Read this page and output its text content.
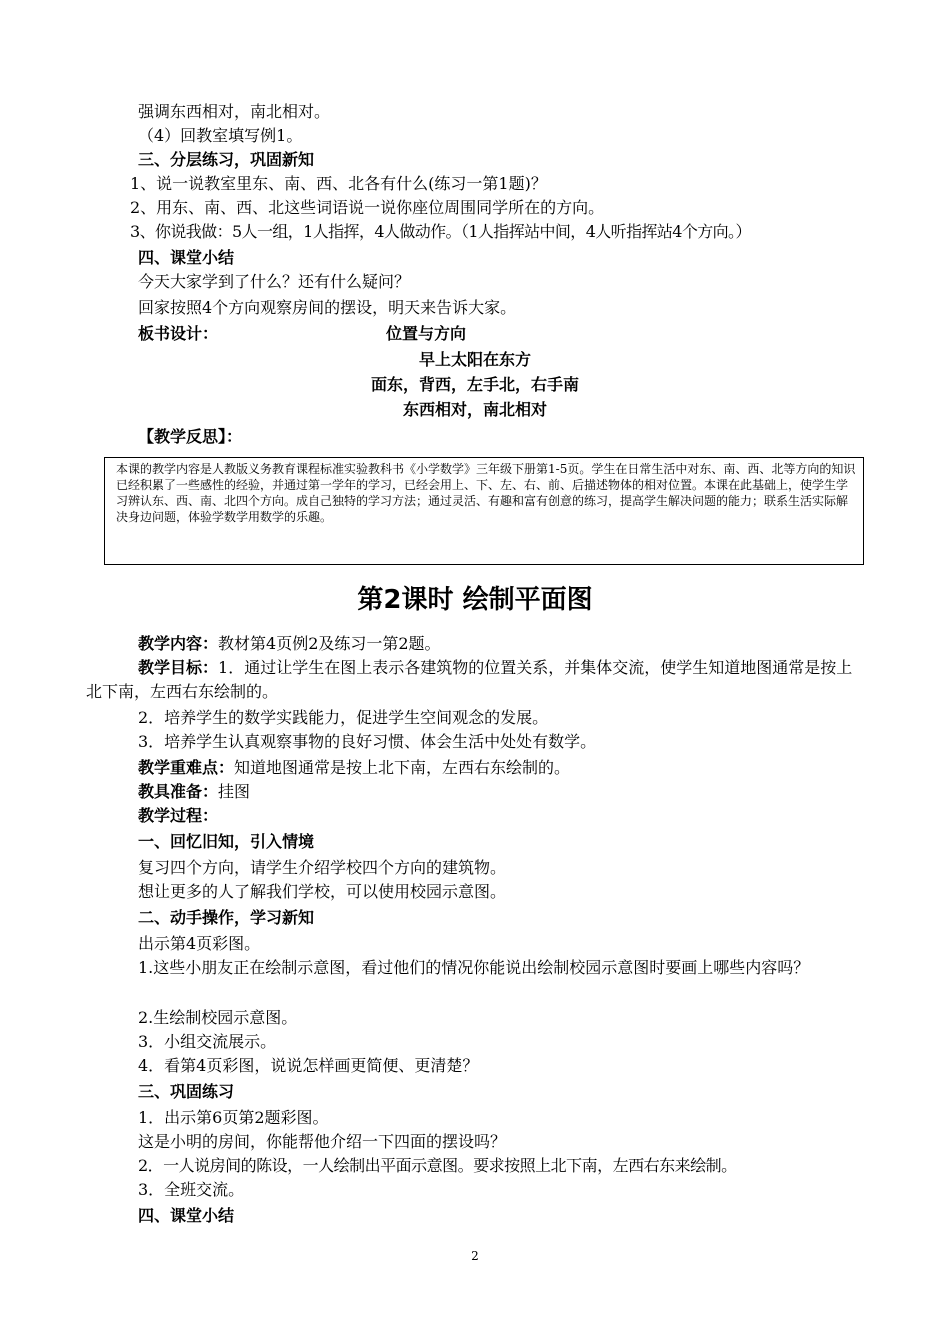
强调东西相对，南北相对。
（4）回教室填写例1。
三、分层练习，巩固新知
1、说一说教室里东、南、西、北各有什么(练习一第1题)？
2、用东、南、西、北这些词语说一说你座位周围同学所在的方向。
3、你说我做：5人一组，1人指挥，4人做动作。（1人指挥站中间，4人听指挥站4个方向。）
四、课堂小结
今天大家学到了什么？还有什么疑问？
回家按照4个方向观察房间的摆设，明天来告诉大家。
板书设计：	位置与方向
早上太阳在东方
面东，背西，左手北，右手南
东西相对，南北相对
【教学反思】：
本课的教学内容是人教版义务教育课程标准实验教科书《小学数学》三年级下册第1-5页。学生在日常生活中对东、南、西、北等方向的知识已经积累了一些感性的经验，并通过第一学年的学习，已经会用上、下、左、右、前、后描述物体的相对位置。本课在此基础上，使学生学习辨认东、西、南、北四个方向。成自己独特的学习方法；通过灵活、有趣和富有创意的练习，提高学生解决问题的能力；联系生活实际解决身边问题，体验学数学用数学的乐趣。
第2课时 绘制平面图
教学内容：教材第4页例2及练习一第2题。
教学目标：1．通过让学生在图上表示各建筑物的位置关系，并集体交流，使学生知道地图通常是按上北下南，左西右东绘制的。
2．培养学生的数学实践能力，促进学生空间观念的发展。
3．培养学生认真观察事物的良好习惯、体会生活中处处有数学。
教学重难点：知道地图通常是按上北下南，左西右东绘制的。
教具准备：挂图
教学过程：
一、回忆旧知，引入情境
复习四个方向，请学生介绍学校四个方向的建筑物。
想让更多的人了解我们学校，可以使用校园示意图。
二、动手操作，学习新知
出示第4页彩图。
1.这些小朋友正在绘制示意图，看过他们的情况你能说出绘制校园示意图时要画上哪些内容吗？
2.生绘制校园示意图。
3．小组交流展示。
4．看第4页彩图，说说怎样画更简便、更清楚？
三、巩固练习
1．出示第6页第2题彩图。
这是小明的房间，你能帮他介绍一下四面的摆设吗？
2．一人说房间的陈设，一人绘制出平面示意图。要求按照上北下南，左西右东来绘制。
3．全班交流。
四、课堂小结
2
